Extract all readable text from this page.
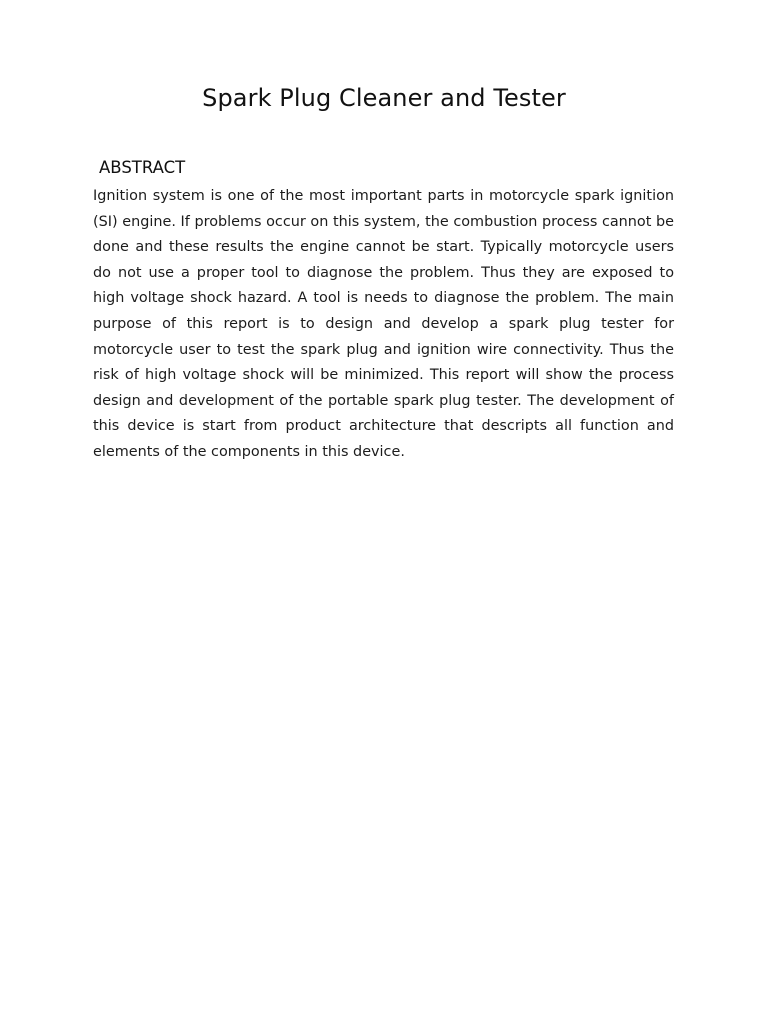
Spark Plug Cleaner and Tester
ABSTRACT

Ignition system is one of the most important parts in motorcycle spark ignition (SI) engine. If problems occur on this system, the combustion process cannot be done and these results the engine cannot be start. Typically motorcycle users do not use a proper tool to diagnose the problem. Thus they are exposed to high voltage shock hazard. A tool is needs to diagnose the problem. The main purpose of this report is to design and develop a spark plug tester for motorcycle user to test the spark plug and ignition wire connectivity. Thus the risk of high voltage shock will be minimized. This report will show the process design and development of the portable spark plug tester. The development of this device is start from product architecture that descripts all function and elements of the components in this device.
